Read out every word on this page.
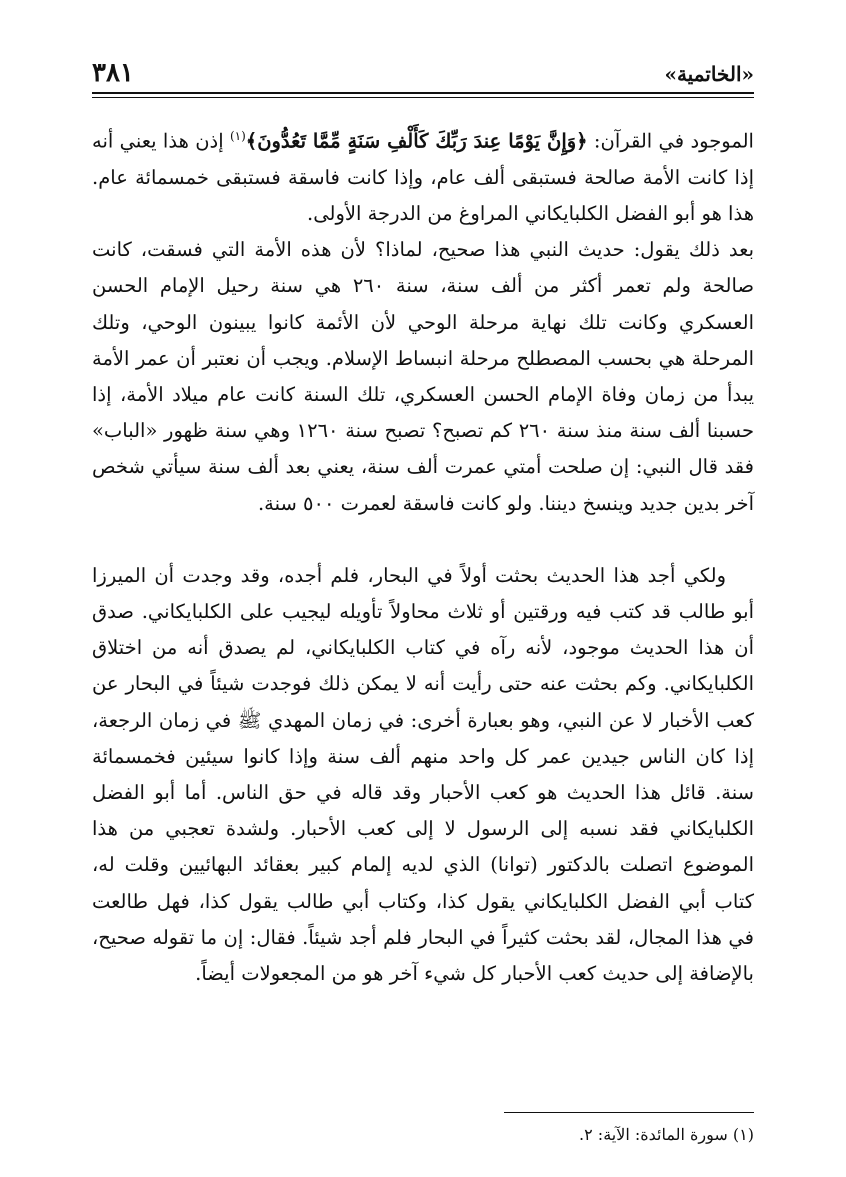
«الخاتمية»
٣٨١

الموجود في القرآن: ﴿وَإِنَّ يَوْمًا عِندَ رَبِّكَ كَأَلْفِ سَنَةٍ مِّمَّا تَعُدُّونَ﴾$^{(١)}$ إذن هذا يعني أنه إذا كانت الأمة صالحة فستبقى ألف عام، وإذا كانت فاسقة فستبقى خمسمائة عام. هذا هو أبو الفضل الكلبايكاني المراوغ من الدرجة الأولى.

بعد ذلك يقول: حديث النبي هذا صحيح، لماذا؟ لأن هذه الأمة التي فسقت، كانت صالحة ولم تعمر أكثر من ألف سنة، سنة ٢٦٠ هي سنة رحيل الإمام الحسن العسكري وكانت تلك نهاية مرحلة الوحي لأن الأئمة كانوا يبينون الوحي، وتلك المرحلة هي بحسب المصطلح مرحلة انبساط الإسلام. ويجب أن نعتبر أن عمر الأمة يبدأ من زمان وفاة الإمام الحسن العسكري، تلك السنة كانت عام ميلاد الأمة، إذا حسبنا ألف سنة منذ سنة ٢٦٠ كم تصبح؟ تصبح سنة ١٢٦٠ وهي سنة ظهور «الباب» فقد قال النبي: إن صلحت أمتي عمرت ألف سنة، يعني بعد ألف سنة سيأتي شخص آخر بدين جديد وينسخ ديننا. ولو كانت فاسقة لعمرت ٥٠٠ سنة.

ولكي أجد هذا الحديث بحثت أولاً في البحار، فلم أجده، وقد وجدت أن الميرزا أبو طالب قد كتب فيه ورقتين أو ثلاث محاولاً تأويله ليجيب على الكلبايكاني. صدق أن هذا الحديث موجود، لأنه رآه في كتاب الكلبايكاني، لم يصدق أنه من اختلاق الكلبايكاني. وكم بحثت عنه حتى رأيت أنه لا يمكن ذلك فوجدت شيئاً في البحار عن كعب الأخبار لا عن النبي، وهو بعبارة أخرى: في زمان المهدي ﷺ في زمان الرجعة، إذا كان الناس جيدين عمر كل واحد منهم ألف سنة وإذا كانوا سيئين فخمسمائة سنة. قائل هذا الحديث هو كعب الأحبار وقد قاله في حق الناس. أما أبو الفضل الكلبايكاني فقد نسبه إلى الرسول لا إلى كعب الأحبار. ولشدة تعجبي من هذا الموضوع اتصلت بالدكتور (توانا) الذي لديه إلمام كبير بعقائد البهائيين وقلت له، كتاب أبي الفضل الكلبايكاني يقول كذا، وكتاب أبي طالب يقول كذا، فهل طالعت في هذا المجال، لقد بحثت كثيراً في البحار فلم أجد شيئاً. فقال: إن ما تقوله صحيح، بالإضافة إلى حديث كعب الأحبار كل شيء آخر هو من المجعولات أيضاً.

(١) سورة المائدة: الآية: ٢.
